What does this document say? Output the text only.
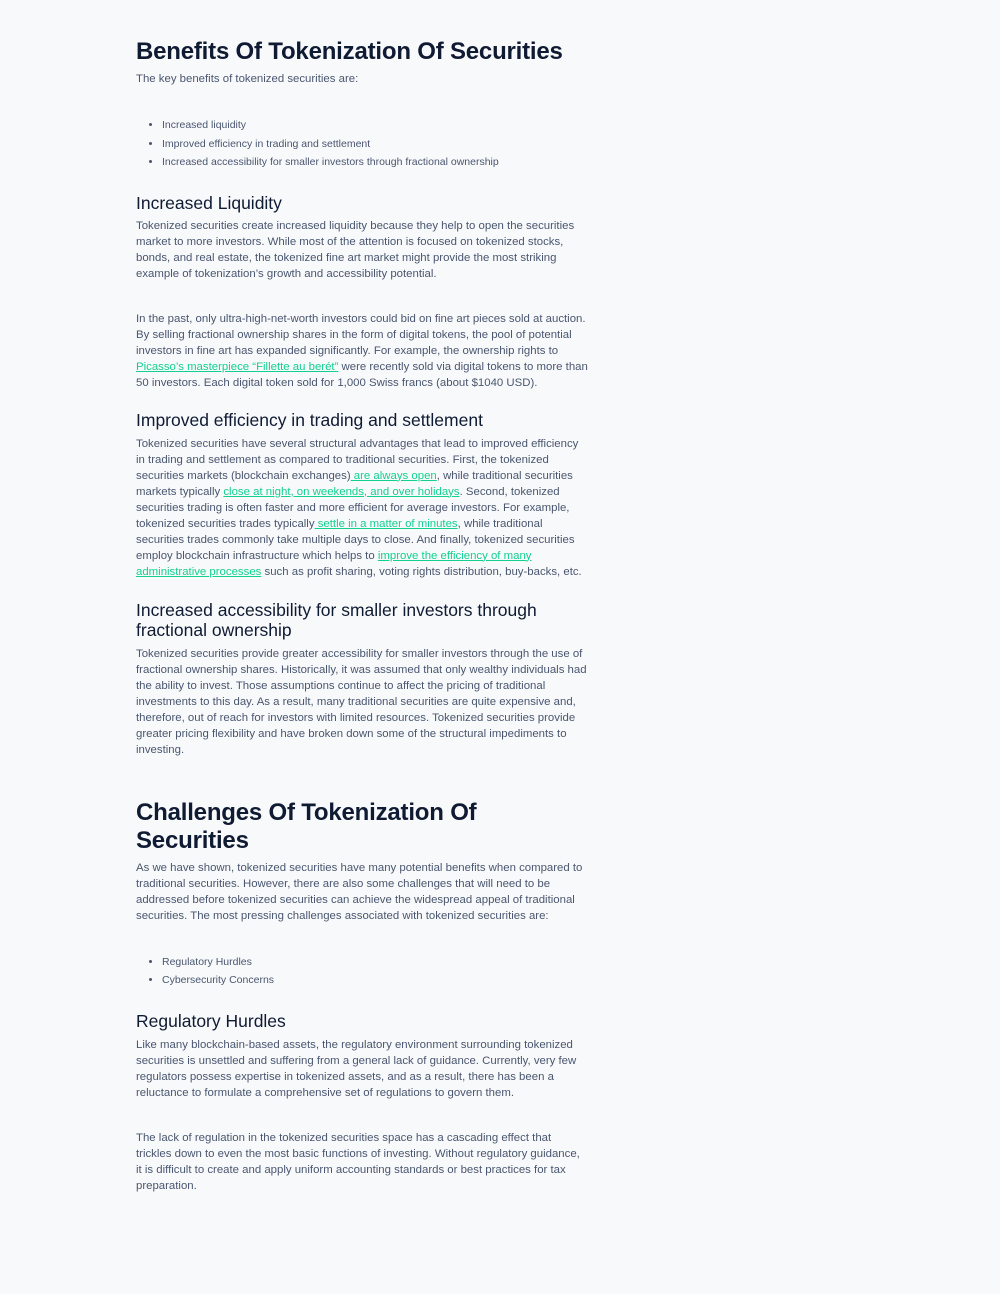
Benefits Of Tokenization Of Securities

The key benefits of tokenized securities are:

• Increased liquidity
• Improved efficiency in trading and settlement
• Increased accessibility for smaller investors through fractional ownership
Increased Liquidity

Tokenized securities create increased liquidity because they help to open the securities market to more investors. While most of the attention is focused on tokenized stocks, bonds, and real estate, the tokenized fine art market might provide the most striking example of tokenization’s growth and accessibility potential.

In the past, only ultra-high-net-worth investors could bid on fine art pieces sold at auction. By selling fractional ownership shares in the form of digital tokens, the pool of potential investors in fine art has expanded significantly. For example, the ownership rights to Picasso’s masterpiece “Fillette au berét” were recently sold via digital tokens to more than 50 investors. Each digital token sold for 1,000 Swiss francs (about $1040 USD).

Improved efficiency in trading and settlement

Tokenized securities have several structural advantages that lead to improved efficiency in trading and settlement as compared to traditional securities. First, the tokenized securities markets (blockchain exchanges) are always open, while traditional securities markets typically close at night, on weekends, and over holidays. Second, tokenized securities trading is often faster and more efficient for average investors. For example, tokenized securities trades typically settle in a matter of minutes, while traditional securities trades commonly take multiple days to close. And finally, tokenized securities employ blockchain infrastructure which helps to improve the efficiency of many administrative processes such as profit sharing, voting rights distribution, buy-backs, etc.

Increased accessibility for smaller investors through fractional ownership

Tokenized securities provide greater accessibility for smaller investors through the use of fractional ownership shares. Historically, it was assumed that only wealthy individuals had the ability to invest. Those assumptions continue to affect the pricing of traditional investments to this day. As a result, many traditional securities are quite expensive and, therefore, out of reach for investors with limited resources. Tokenized securities provide greater pricing flexibility and have broken down some of the structural impediments to investing.

Challenges Of Tokenization Of Securities

As we have shown, tokenized securities have many potential benefits when compared to traditional securities. However, there are also some challenges that will need to be addressed before tokenized securities can achieve the widespread appeal of traditional securities. The most pressing challenges associated with tokenized securities are:

• Regulatory Hurdles
• Cybersecurity Concerns
Regulatory Hurdles

Like many blockchain-based assets, the regulatory environment surrounding tokenized securities is unsettled and suffering from a general lack of guidance. Currently, very few regulators possess expertise in tokenized assets, and as a result, there has been a reluctance to formulate a comprehensive set of regulations to govern them.

The lack of regulation in the tokenized securities space has a cascading effect that trickles down to even the most basic functions of investing. Without regulatory guidance, it is difficult to create and apply uniform accounting standards or best practices for tax preparation.
